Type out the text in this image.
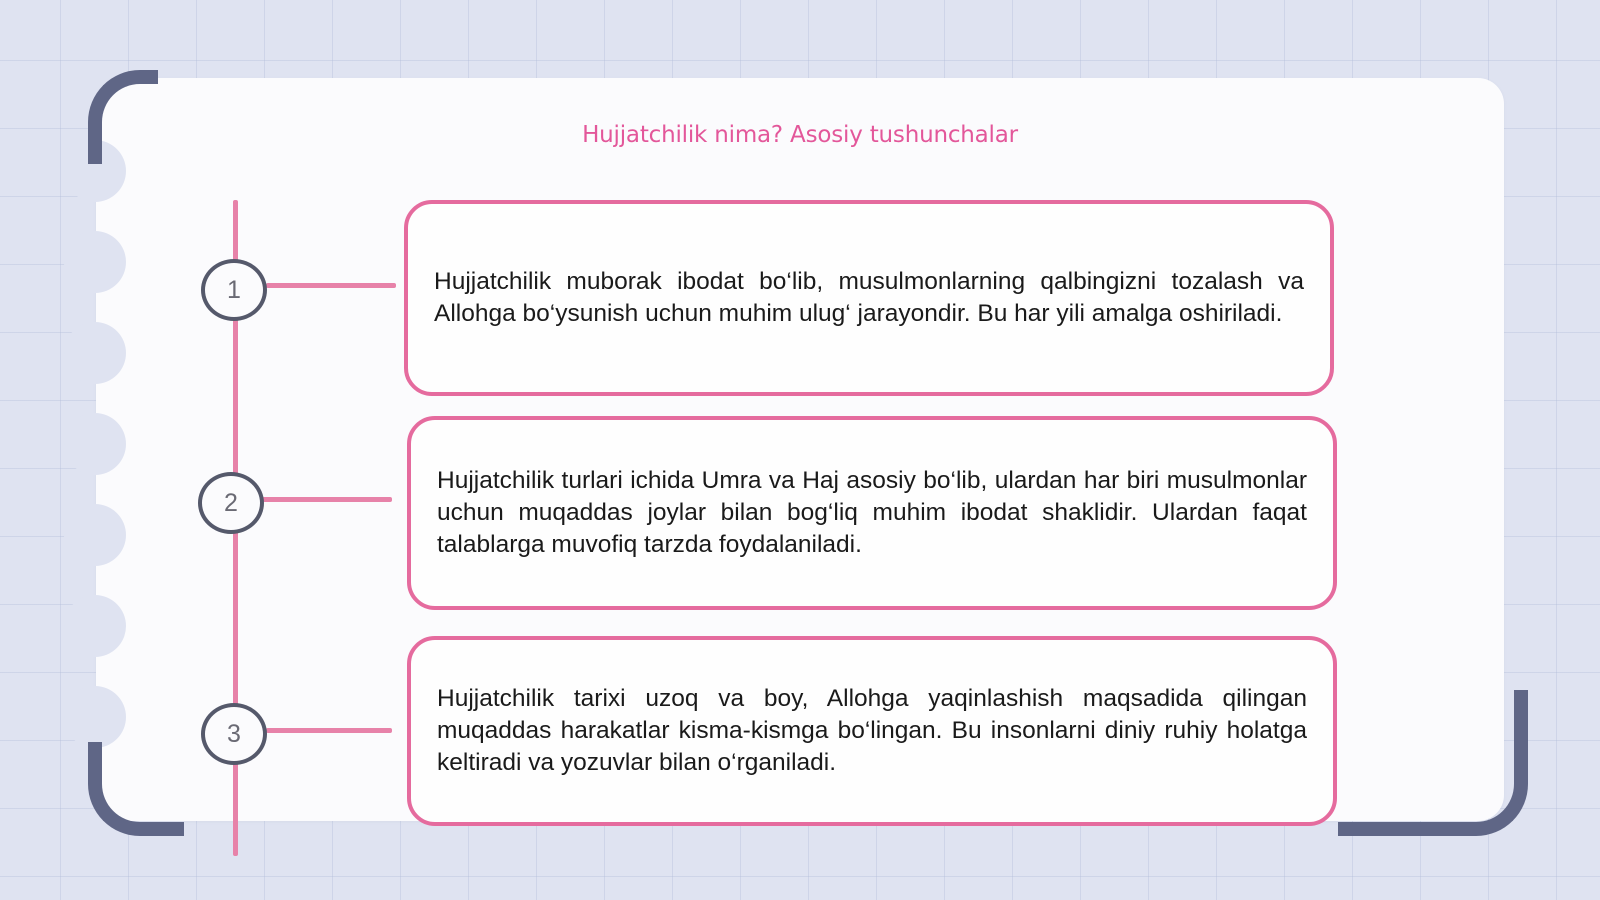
Hujjatchilik nima? Asosiy tushunchalar
1	Hujjatchilik muborak ibodat bo‘lib, musulmonlarning qalbingizni tozalash va Allohga bo‘ysunish uchun muhim ulug‘ jarayondir. Bu har yili amalga oshiriladi.

2

Hujjatchilik turlari ichida Umra va Haj asosiy bo‘lib, ulardan har biri musulmonlar uchun muqaddas joylar bilan bog‘liq muhim ibodat shaklidir. Ulardan faqat talablarga muvofiq tarzda foydalaniladi.

3

Hujjatchilik tarixi uzoq va boy, Allohga yaqinlashish maqsadida qilingan muqaddas harakatlar kisma-kismga bo‘lingan. Bu insonlarni diniy ruhiy holatga keltiradi va yozuvlar bilan o‘rganiladi.
